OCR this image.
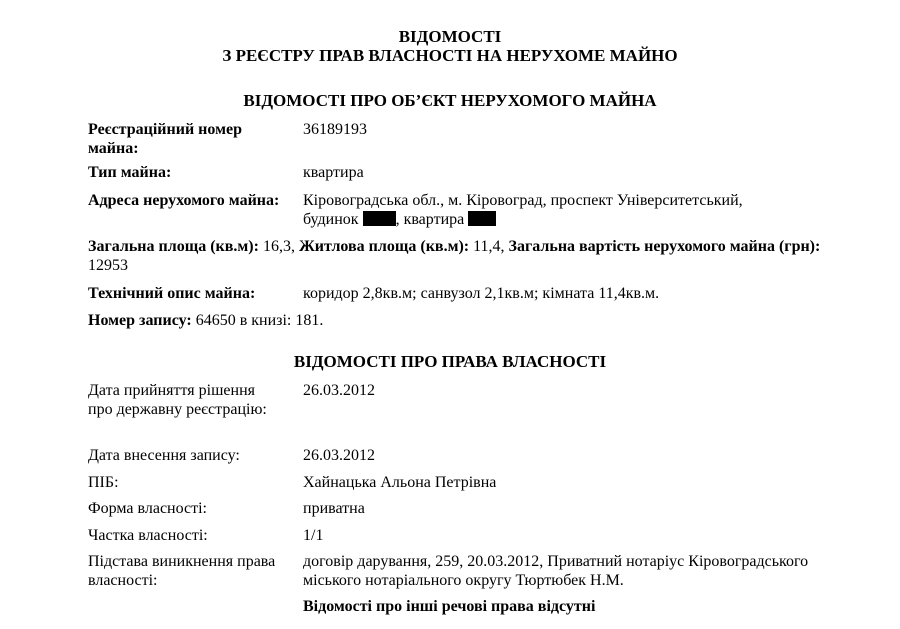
ВІДОМОСТІ
З РЕЄСТРУ ПРАВ ВЛАСНОСТІ НА НЕРУХОМЕ МАЙНО
ВІДОМОСТІ ПРО ОБ’ЄКТ НЕРУХОМОГО МАЙНА
Реєстраційний номер майна:
36189193
Тип майна:	квартира
Адреса нерухомого майна:	Кіровоградська обл., м. Кіровоград, проспект Університетський,
будинок , квартира
Загальна площа (кв.м): 16,3, Житлова площа (кв.м): 11,4, Загальна вартість нерухомого майна (грн): 12953
Технічний опис майна:	коридор 2,8кв.м; санвузол 2,1кв.м; кімната 11,4кв.м.
Номер запису: 64650 в книзі: 181.
ВІДОМОСТІ ПРО ПРАВА ВЛАСНОСТІ
Дата прийняття рішення про державну реєстрацію:
26.03.2012
Дата внесення запису:	26.03.2012
ПІБ:	Хайнацька Альона Петрівна
Форма власності:	приватна
Частка власності:	1/1
Підстава виникнення права власності:
договір дарування, 259, 20.03.2012, Приватний нотаріус Кіровоградського міського нотаріального округу Тюртюбек Н.М.
Відомості про інші речові права відсутні
